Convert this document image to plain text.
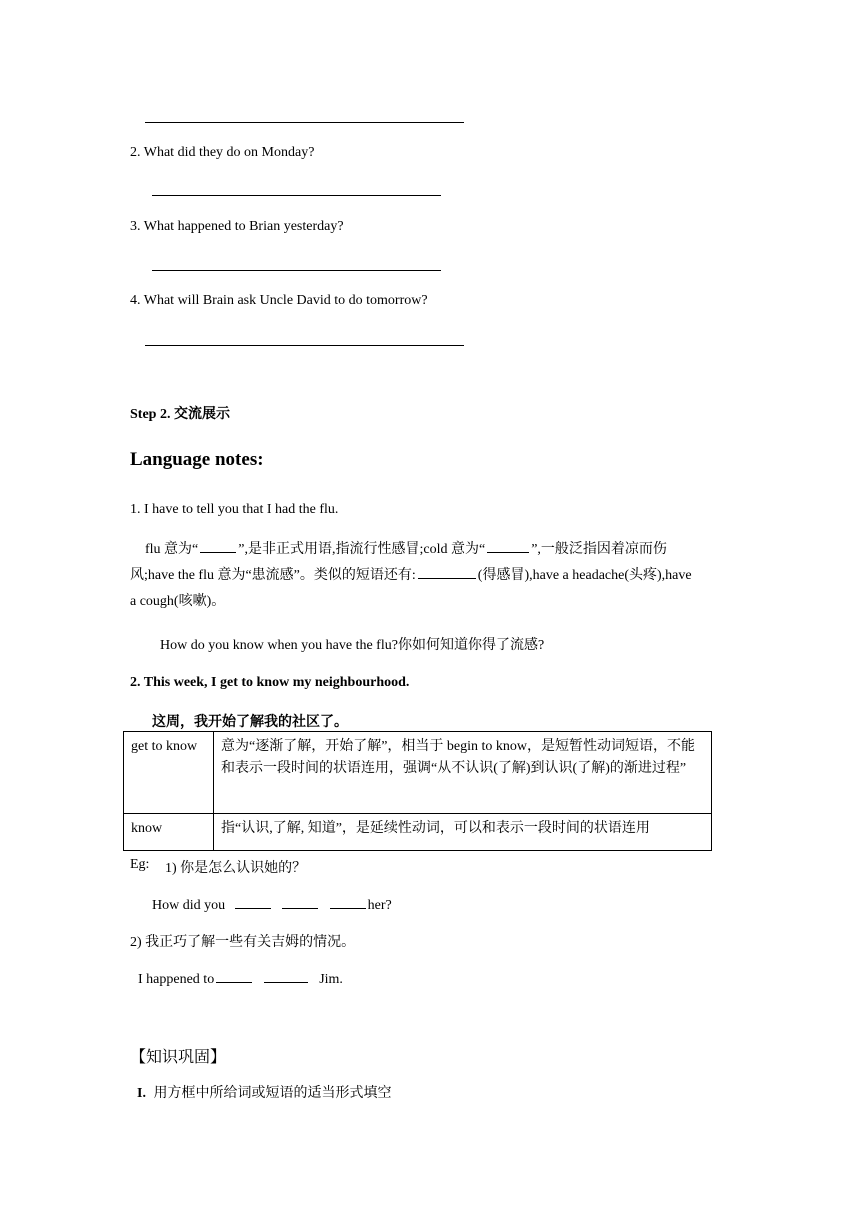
2. What did they do on Monday?
3. What happened to Brian yesterday?
4. What will Brain ask Uncle David to do tomorrow?
Step 2. 交流展示
Language notes:
1. I have to tell you that I had the flu.
flu 意为“	”,是非正式用语,指流行性感冒;cold 意为“	”,一般泛指因着凉而伤
风;have the flu 意为“患流感”。类似的短语还有:	(得感冒),have a headache(头疼),have
a cough(咳嗽)。
How do you know when you have the flu?你如何知道你得了流感?
2. This week, I get to know my neighbourhood.
这周，我开始了解我的社区了。
get to know	意为“逐渐了解，开始了解”，相当于 begin to know，是短暂性动词短语，不能和表示一段时间的状语连用，强调“从不认识(了解)到认识(了解)的渐进过程”
know	指“认识,了解, 知道”，是延续性动词，可以和表示一段时间的状语连用
Eg: 1) 你是怎么认识她的？
How did you	her?
2) 我正巧了解一些有关吉姆的情况。
I happened to	Jim.
【知识巩固】
I. 用方框中所给词或短语的适当形式填空
